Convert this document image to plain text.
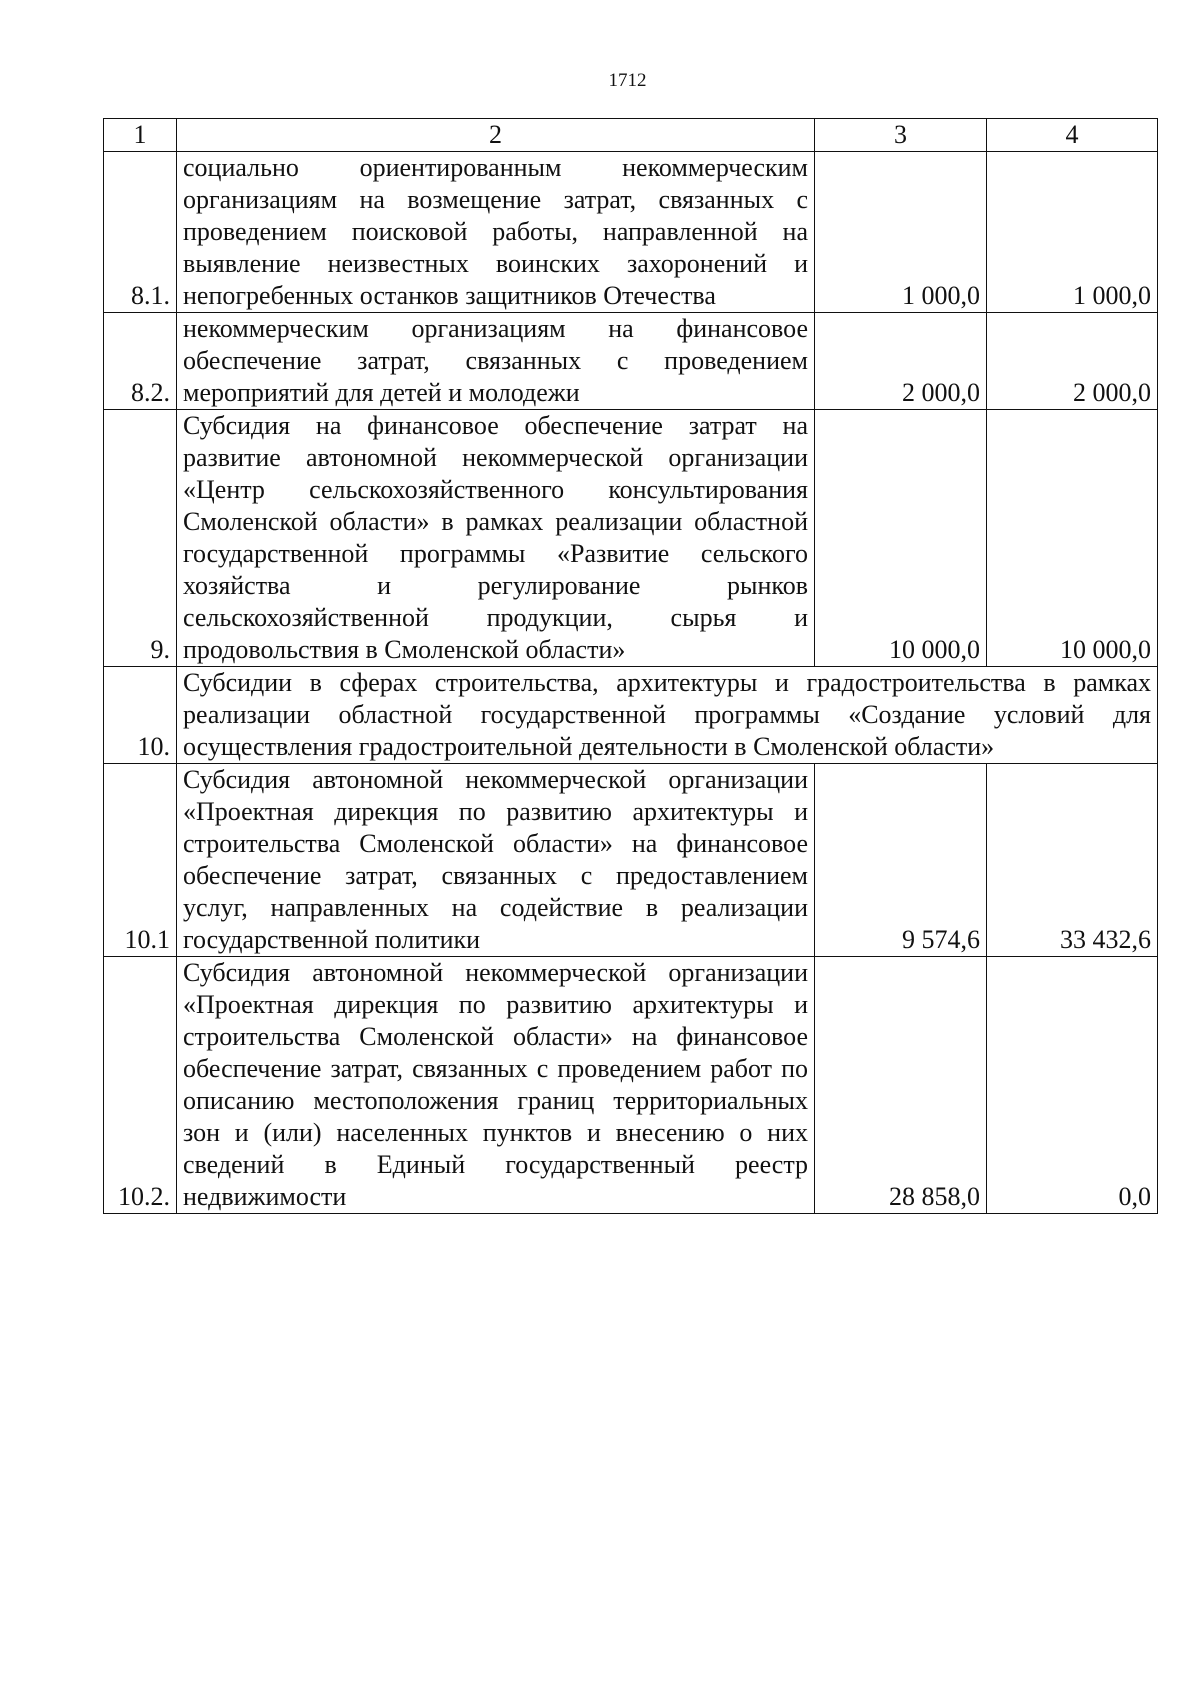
1712
1	2	3	4
8.1.	социально ориентированным некоммерческим организациям на возмещение затрат, связанных с проведением поисковой работы, направленной на выявление неизвестных воинских захоронений и непогребенных останков защитников Отечества	1 000,0	1 000,0
8.2.	некоммерческим организациям на финансовое обеспечение затрат, связанных с проведением мероприятий для детей и молодежи	2 000,0	2 000,0
9.	Субсидия на финансовое обеспечение затрат на развитие автономной некоммерческой организации «Центр сельскохозяйственного консультирования Смоленской области» в рамках реализации областной государственной программы «Развитие сельского хозяйства и регулирование рынков сельскохозяйственной продукции, сырья и продовольствия в Смоленской области»	10 000,0	10 000,0
10.	Субсидии в сферах строительства, архитектуры и градостроительства в рамках реализации областной государственной программы «Создание условий для осуществления градостроительной деятельности в Смоленской области»		
10.1	Субсидия автономной некоммерческой организации «Проектная дирекция по развитию архитектуры и строительства Смоленской области» на финансовое обеспечение затрат, связанных с предоставлением услуг, направленных на содействие в реализации государственной политики	9 574,6	33 432,6
10.2.	Субсидия автономной некоммерческой организации «Проектная дирекция по развитию архитектуры и строительства Смоленской области» на финансовое обеспечение затрат, связанных с проведением работ по описанию местоположения границ территориальных зон и (или) населенных пунктов и внесению о них сведений в Единый государственный реестр недвижимости	28 858,0	0,0
